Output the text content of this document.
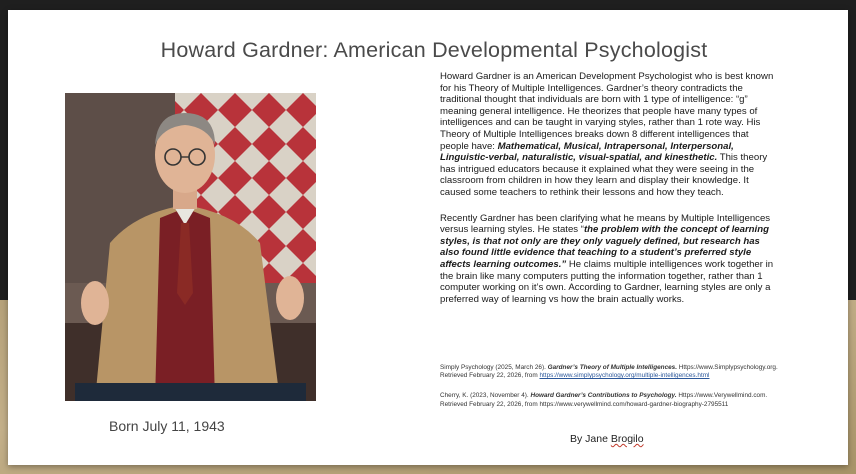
Howard Gardner: American Developmental Psychologist
Born July 11, 1943

Howard Gardner is an American Development Psychologist who is best known for his Theory of Multiple Intelligences. Gardner’s theory contradicts the traditional thought that individuals are born with 1 type of intelligence: “g” meaning general intelligence. He theorizes that people have many types of intelligences and can be taught in varying styles, rather than 1 rote way. His Theory of Multiple Intelligences breaks down 8 different intelligences that people have: Mathematical, Musical, Intrapersonal, Interpersonal, Linguistic-verbal, naturalistic, visual-spatial, and kinesthetic. This theory has intrigued educators because it explained what they were seeing in the classroom from children in how they learn and display their knowledge. It caused some teachers to rethink their lessons and how they teach.

Recently Gardner has been clarifying what he means by Multiple Intelligences versus learning styles. He states “the problem with the concept of learning styles, is that not only are they only vaguely defined, but research has also found little evidence that teaching to a student’s preferred style affects learning outcomes.” He claims multiple intelligences work together in the brain like many computers putting the information together, rather than 1 computer working on it’s own. According to Gardner, learning styles are only a preferred way of learning vs how the brain actually works.

Simply Psychology (2025, March 26). Gardner’s Theory of Multiple Intelligences. Https://www.Simplypsychology.org. Retrieved February 22, 2026, from https://www.simplypsychology.org/multiple-intelligences.html

Cherry, K. (2023, November 4). Howard Gardner’s Contributions to Psychology. Https://www.Verywellmind.com. Retrieved February 22, 2026, from https://www.verywellmind.com/howard-gardner-biography-2795511

By Jane Brogilo
